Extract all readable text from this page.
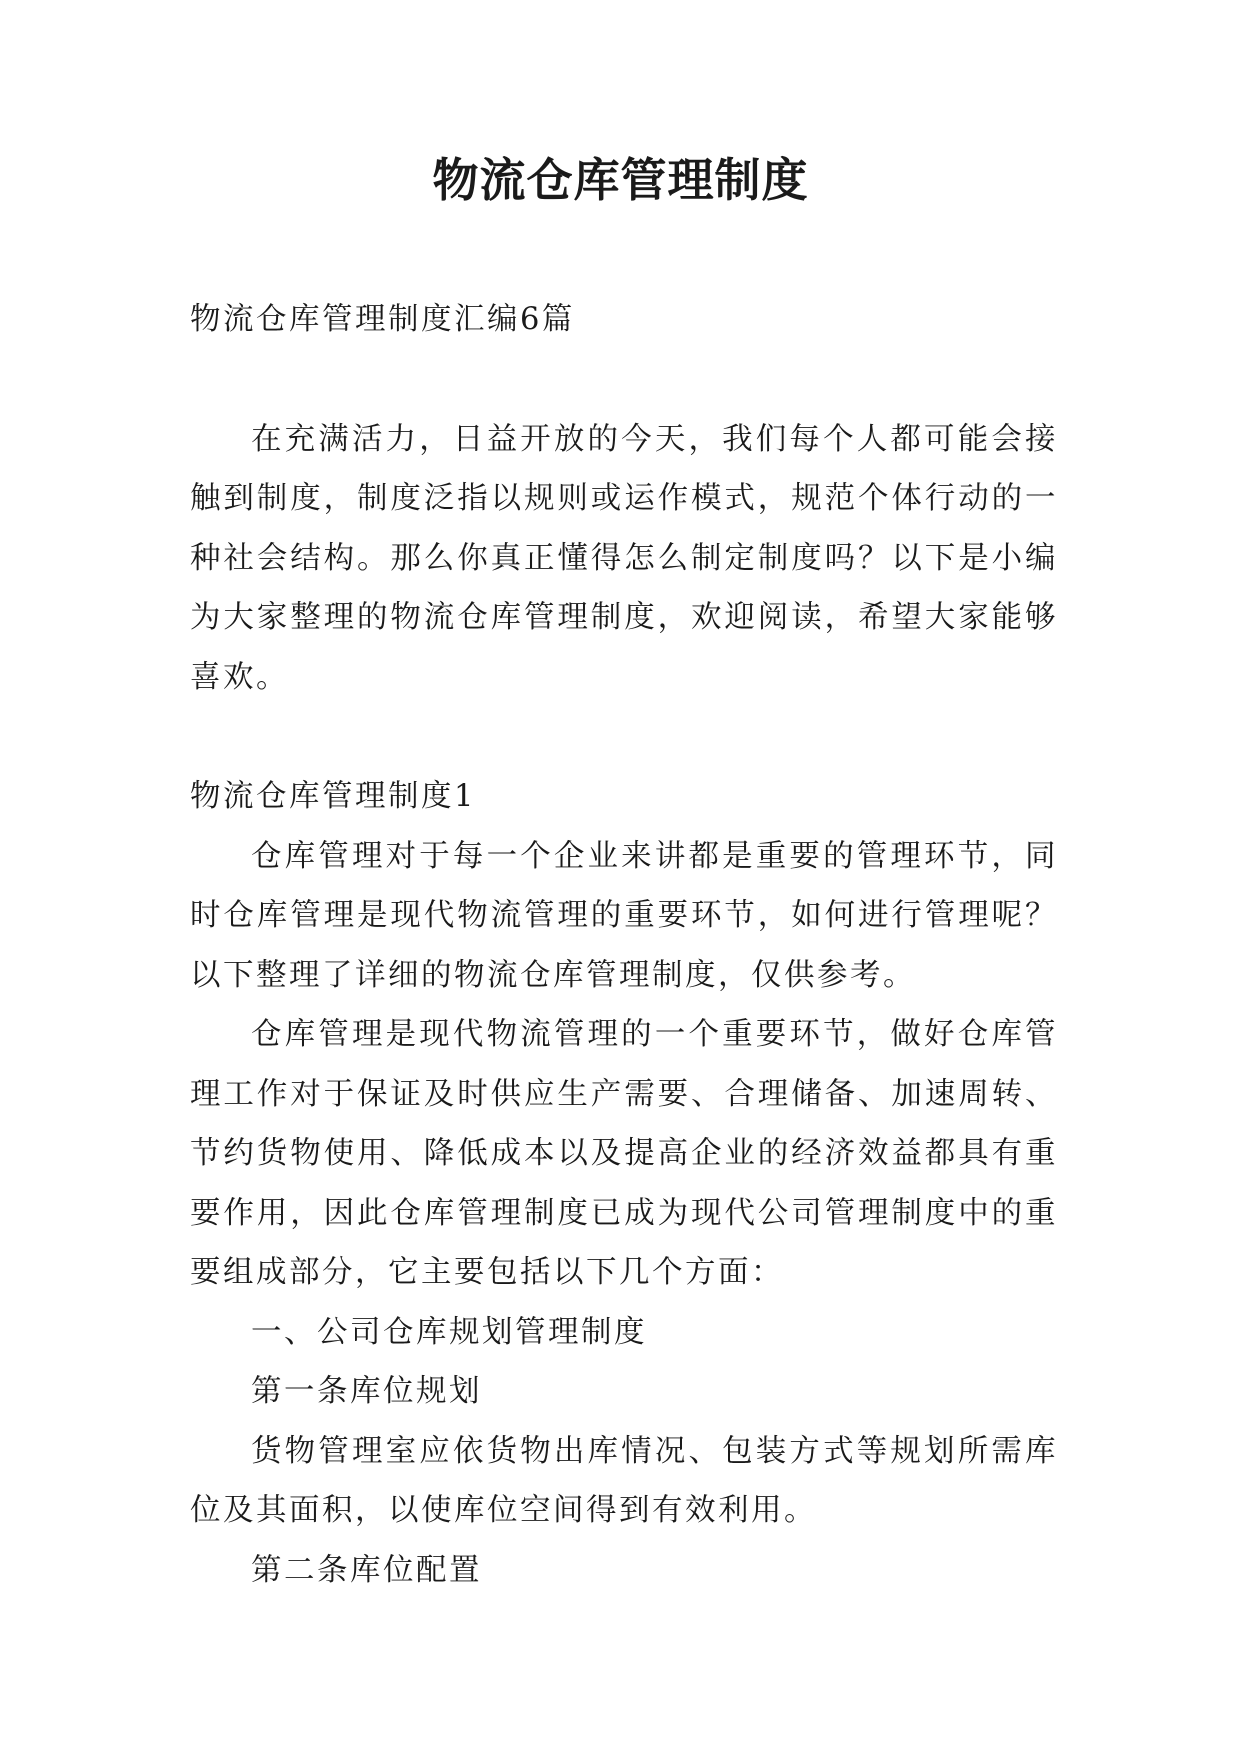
物流仓库管理制度

物流仓库管理制度汇编6篇

在充满活力，日益开放的今天，我们每个人都可能会接触到制度，制度泛指以规则或运作模式，规范个体行动的一种社会结构。那么你真正懂得怎么制定制度吗？以下是小编为大家整理的物流仓库管理制度，欢迎阅读，希望大家能够喜欢。

物流仓库管理制度1

仓库管理对于每一个企业来讲都是重要的管理环节，同时仓库管理是现代物流管理的重要环节，如何进行管理呢？以下整理了详细的物流仓库管理制度，仅供参考。

仓库管理是现代物流管理的一个重要环节，做好仓库管理工作对于保证及时供应生产需要、合理储备、加速周转、节约货物使用、降低成本以及提高企业的经济效益都具有重要作用，因此仓库管理制度已成为现代公司管理制度中的重要组成部分，它主要包括以下几个方面：

一、公司仓库规划管理制度

第一条库位规划

货物管理室应依货物出库情况、包装方式等规划所需库位及其面积，以使库位空间得到有效利用。

第二条库位配置
